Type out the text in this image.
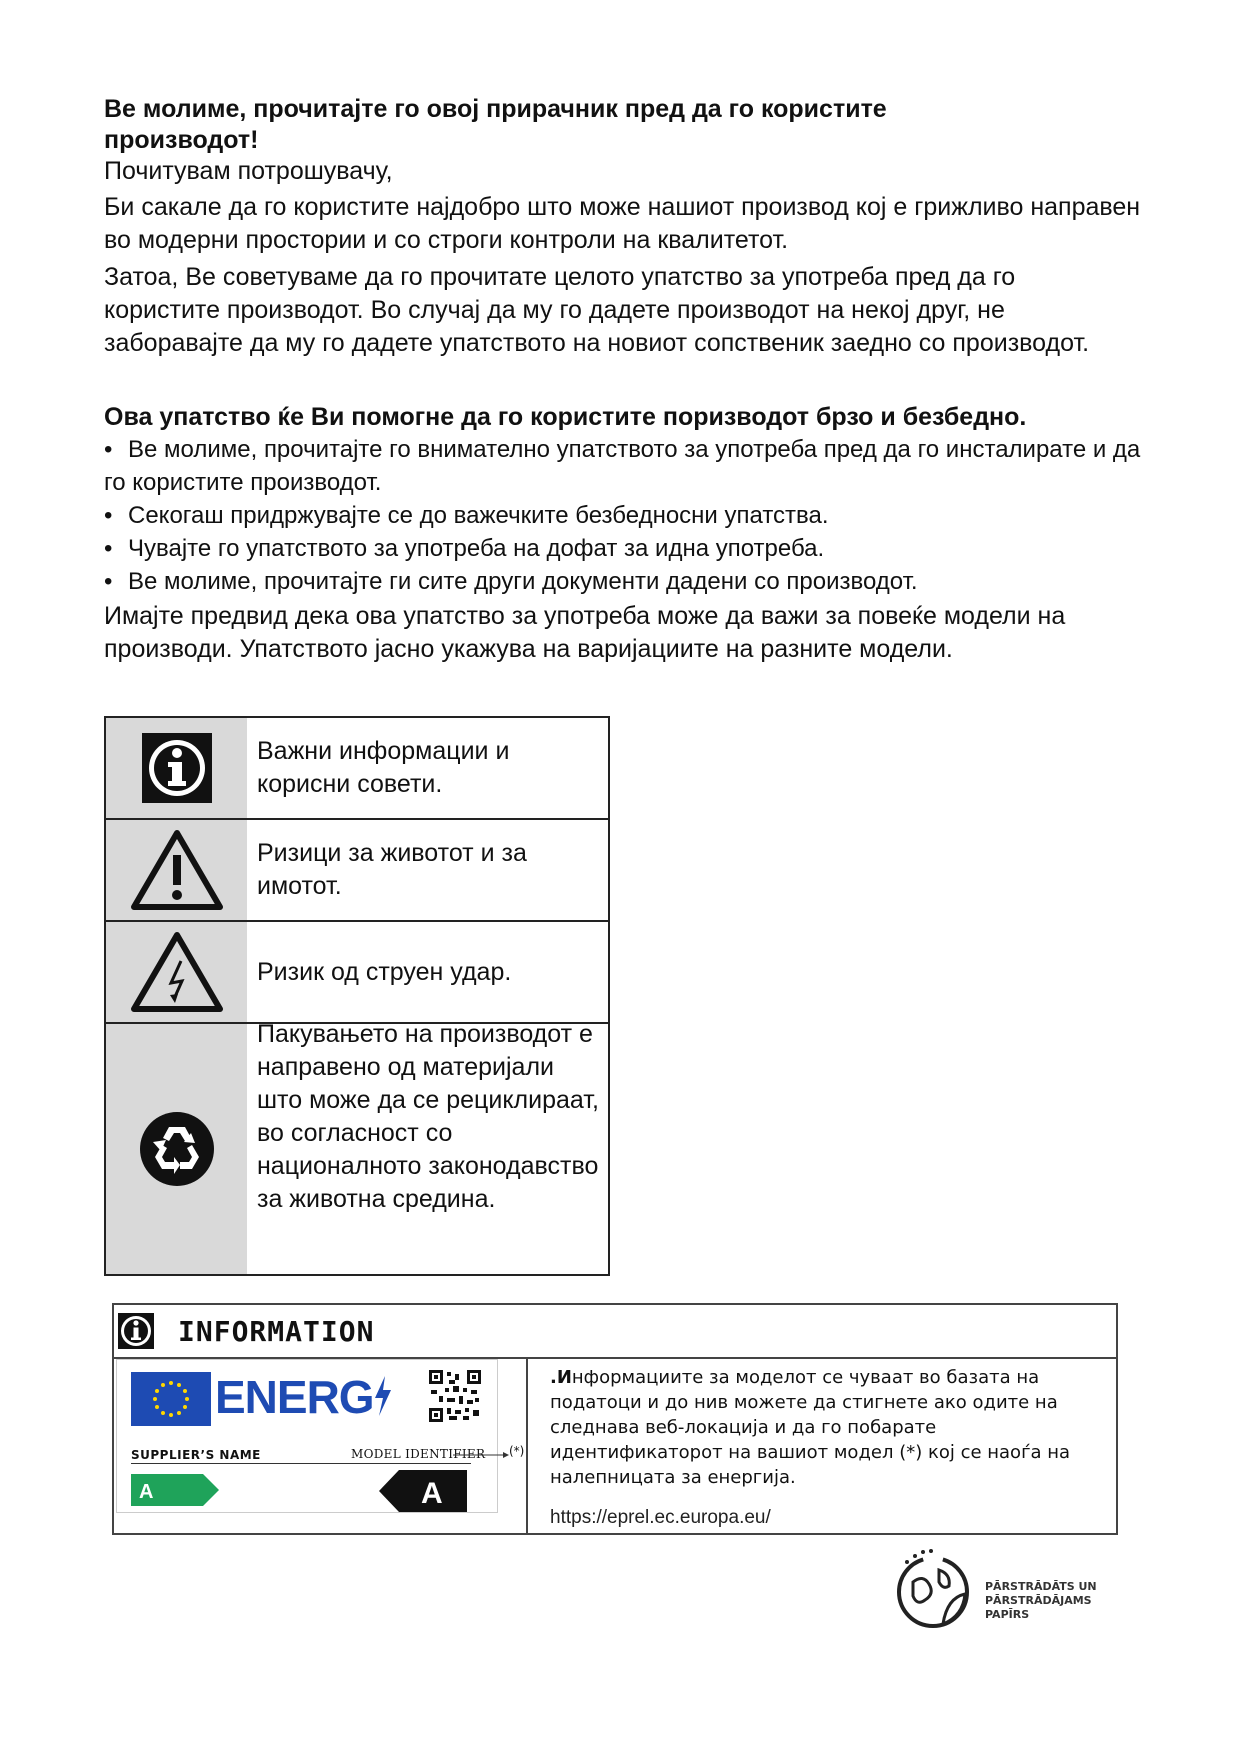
Ве молиме, прочитајте го овој прирачник пред да го користите производот!

Почитувам потрошувачу,

Би сакале да го користите најдобро што може нашиот производ кој е грижливо направен во модерни простории и со строги контроли на квалитетот.

Затоа, Ве советуваме да го прочитате целото упатство за употреба пред да го користите производот. Во случај да му го дадете производот на некој друг, не заборавајте да му го дадете упатството на новиот сопственик заедно со производот.

Ова упатство ќе Ви помогне да го користите поризводот брзо и безбедно.

• Ве молиме, прочитајте го внимателно упатството за употреба пред да го инсталирате и да го користите производот.
• Секогаш придржувајте се до важечките безбедносни упатства.
• Чувајте го упатството за употреба на дофат за идна употреба.
• Ве молиме, прочитајте ги сите други документи дадени со производот.

Имајте предвид дека ова упатство за употреба може да важи за повеќе модели на производи. Упатството јасно укажува на варијациите на разните модели.

Важни информации и корисни совети.
Ризици за животот и за имотот.
Ризик од струен удар.
Пакувањето на производот е направено од материјали што може да се рециклираат, во согласност со националното законодавство за животна средина.
INFORMATION
ENERG
SUPPLIER’S NAME	MODEL IDENTIFIER (*)
A	A

.Информациите за моделот се чуваат во базата на податоци и до нив можете да стигнете ако одите на следнава веб-локација и да го побарате идентификаторот на вашиот модел (*) кој се наоѓа на налепницата за енергија.

https://eprel.ec.europa.eu/
PĀRSTRĀDĀTS UN
PĀRSTRĀDĀJAMS PAPĪRS
